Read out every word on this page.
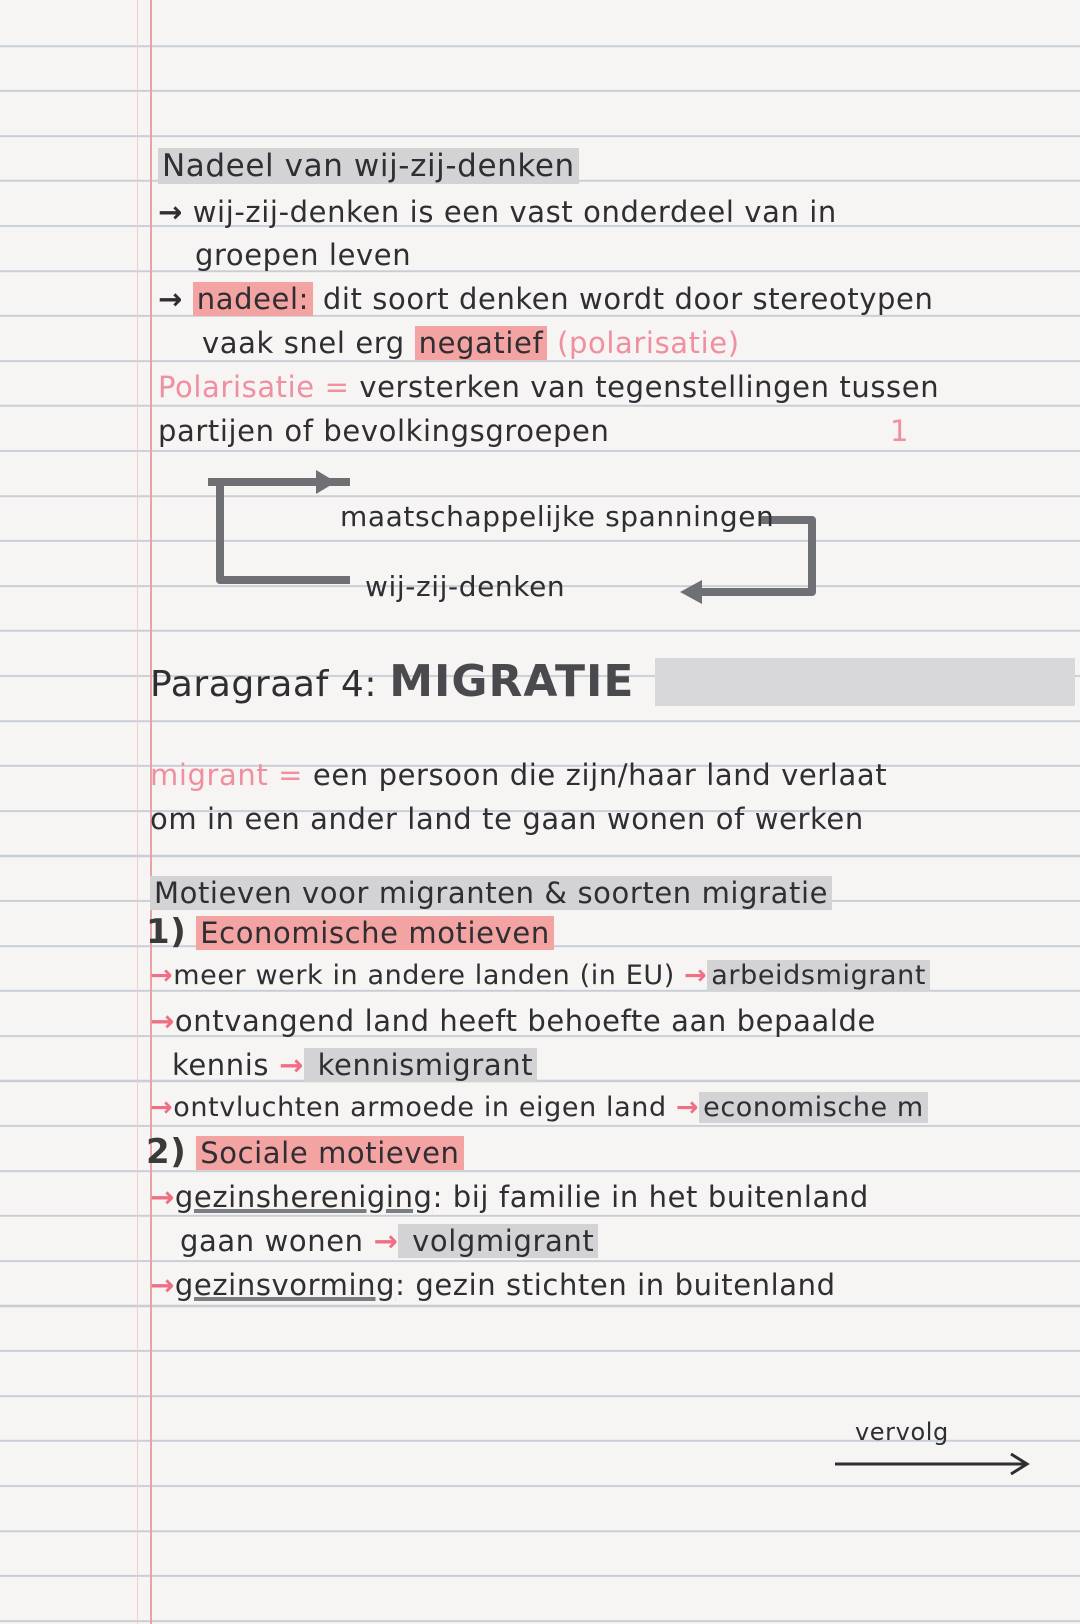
Nadeel van wij-zij-denken
→ wij-zij-denken is een vast onderdeel van in
groepen leven
→ nadeel: dit soort denken wordt door stereotypen
vaak snel erg negatief (polarisatie)
Polarisatie = versterken van tegenstellingen tussen
partijen of bevolkingsgroepen	1
maatschappelijke spanningen
wij-zij-denken
Paragraaf 4: MIGRATIE
migrant = een persoon die zijn/haar land verlaat
om in een ander land te gaan wonen of werken
Motieven voor migranten & soorten migratie
1) Economische motieven
→meer werk in andere landen (in EU) → arbeidsmigrant
→ontvangend land heeft behoefte aan bepaalde
kennis → kennismigrant
→ontvluchten armoede in eigen land → economische m
2) Sociale motieven
→gezinshereniging: bij familie in het buitenland
gaan wonen → volgmigrant
→gezinsvorming: gezin stichten in buitenland
vervolg
